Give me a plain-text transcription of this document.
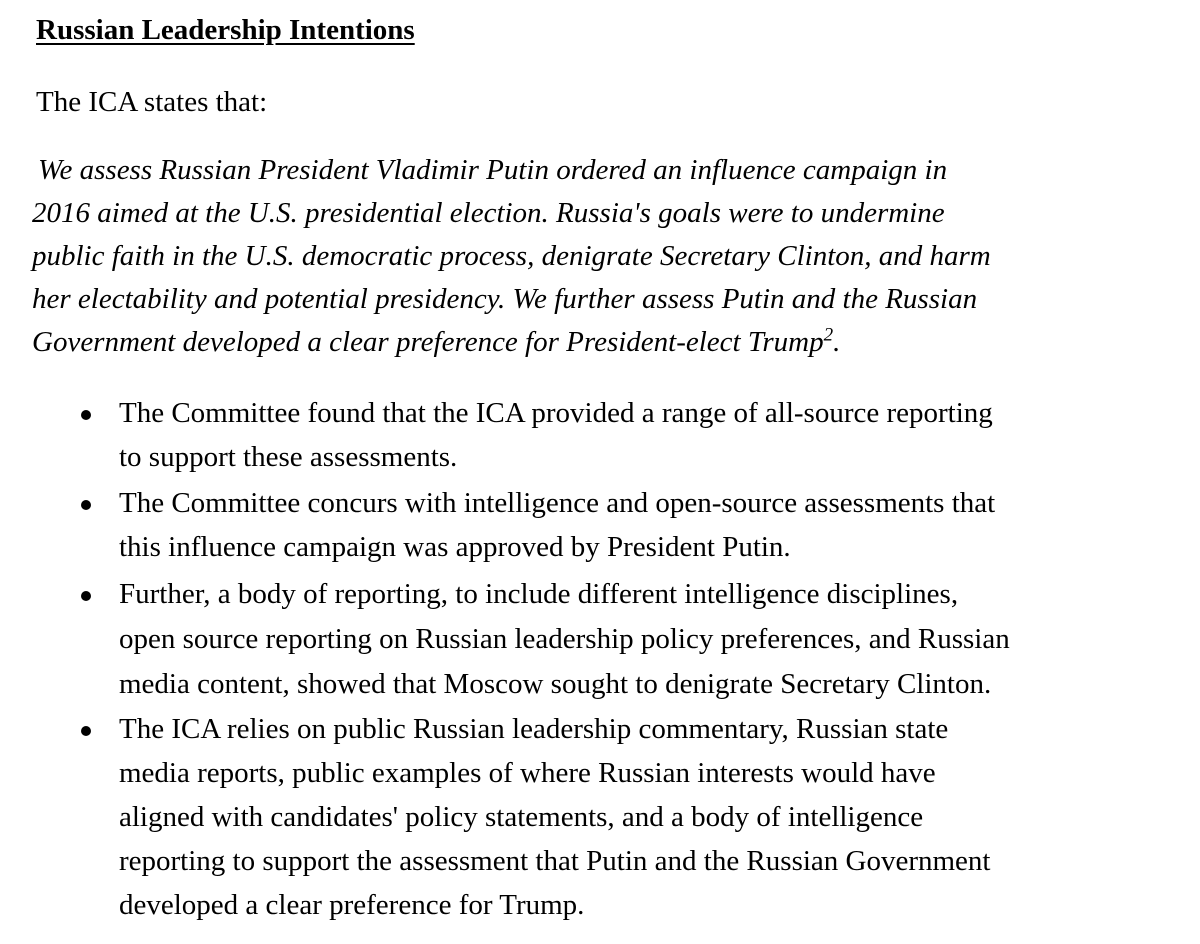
Russian Leadership Intentions

The ICA states that:

We assess Russian President Vladimir Putin ordered an influence campaign in
2016 aimed at the U.S. presidential election. Russia's goals were to undermine
public faith in the U.S. democratic process, denigrate Secretary Clinton, and harm
her electability and potential presidency. We further assess Putin and the Russian
Government developed a clear preference for President-elect Trump$^2$.
The Committee found that the ICA provided a range of all-source reporting
to support these assessments.
The Committee concurs with intelligence and open-source assessments that
this influence campaign was approved by President Putin.
Further, a body of reporting, to include different intelligence disciplines,
open source reporting on Russian leadership policy preferences, and Russian
media content, showed that Moscow sought to denigrate Secretary Clinton.
The ICA relies on public Russian leadership commentary, Russian state
media reports, public examples of where Russian interests would have
aligned with candidates' policy statements, and a body of intelligence
reporting to support the assessment that Putin and the Russian Government
developed a clear preference for Trump.
